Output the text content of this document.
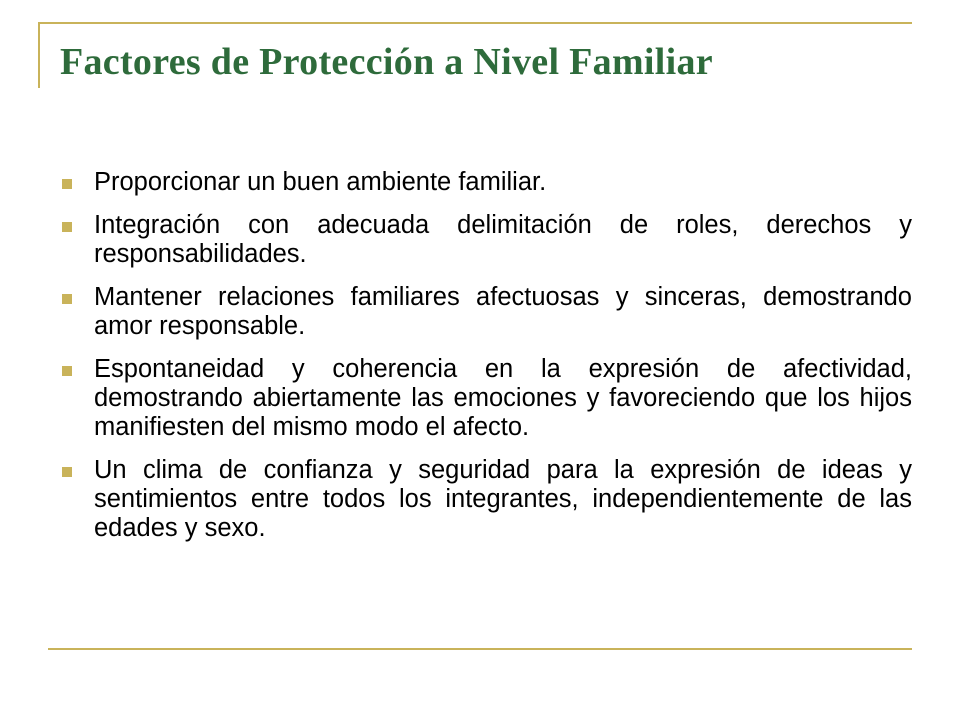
Factores de Protección a Nivel Familiar
Proporcionar un buen ambiente familiar.
Integración con adecuada delimitación de roles, derechos y responsabilidades.
Mantener relaciones familiares afectuosas y sinceras, demostrando amor responsable.
Espontaneidad y coherencia en la expresión de afectividad, demostrando abiertamente las emociones y favoreciendo que los hijos manifiesten del mismo modo el afecto.
Un clima de confianza y seguridad para la expresión de ideas y sentimientos entre todos los integrantes, independientemente de las edades y sexo.
